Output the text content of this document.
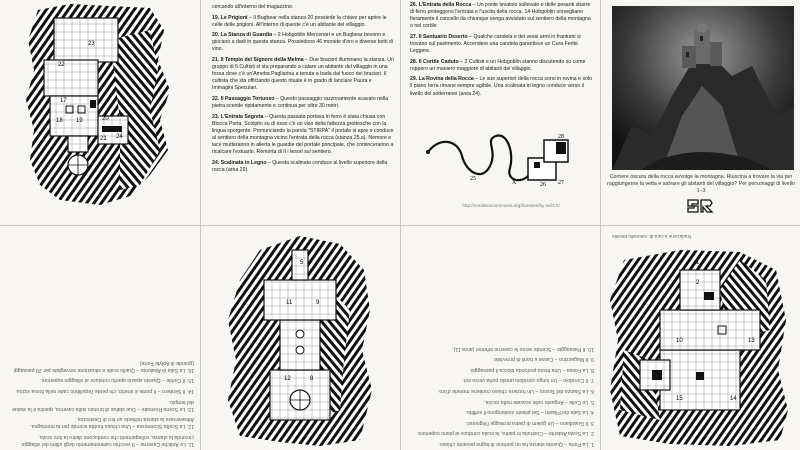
23
22
17
18 19	20
21 24

cercando all'interno del magazzino.

19. Le Prigioni – Il Bugbear nella stanza 20 possiede la chiave per aprire le celle delle prigioni. All'interno di queste c'è un abitante del villaggio.

20. La Stanza di Guardia – 2 Hobgoblin Mercenari e un Bugbear bevono e giocano a dadi in questa stanza. Possiedono 46 monete d'oro e diverse botti di vino.

21. Il Tempio del Signore della Melma – Due bracieri illuminano la stanza. Un gruppo di 5 Cultisti si sta preparando a calare un abitante del villaggio in una fossa dove c'è un'Ameba Pagliarina a tenuta a bada dal fuoco dei bracieri. Il cultista che sta officiando questo rituale è in grado di lanciare Paura e Immagini Speculari.

22. Il Passaggio Tortuoso – Questo passaggio razzonamente scavato nella pietra scende ripidamente e continua per oltre 30 metri.

23. L'Entrata Segreta – Questa passata portava in ferro è stata chiusa con Blocca Porta. Scolpito su di esso c'è un viso della fattezza grottesche con la lingua sporgente. Pronunciando la parola "STIRPA" il portale si apre e conduce al sentiero della montagna vicino l'entrata della rocca (stanza 25.a). Nemore e lace mutteranno in allerta le guardie del portale principale, che cominceranno a ricalcare l'estuario. Remorta di lì i tesori sul sentiero.

24. Scalinata in Legno – Questa scalinata conduce al livello superiore della rocca (area 29).

26. L'Entrata della Rocca – Un ponte levatoio sollevato e delle pesanti sbarre di ferro proteggono l'entrata e l'uscita della rocca. 14 Hobgoblin sorvegliano fieramente il cancello da chiunque venga avvistato sul sentiero della montagna o nel cortile.

27. Il Santuario Deserto – Qualche candela e dei vessi armi in frantumi si trovano sul pavimento. Accendere una candela garantisce un Cura Ferite Leggere.

28. Il Cortile Caduto – 2 Cultisti e un Hobgoblin stanno discutendo su come ruppero un maniero maggiore di abitanti del villaggio.

29. La Rovina della Rocca – Le sue superiori della rocca sono in rovina e solo il piano terra rimane sempre agibile. Una scalinata in legno conduce verso il livello dei sotterranei (area 24).

25
X	26 27
28
http://creditsoncommons.org/licenses/by-sa/3.0/
Corriere oscura della rocca avvolge la montagna. Riuscirai a trovare la via per raggiungerne la vetta e salvare gli abitanti del villaggio? Per personaggi di livello 1–3

11. Le Antiche Caverne – Il vecchio camminamento degli ultimi del villaggio circonda la stanza, collegamenti che conducono dietro la loro scala.

12. La Scelta Sconnessa – Una chiusa fredda scende per la montagna. Attraversare la stanza richiede un tiro di Destrezza.

13. Le Scene Rovinate – Due statue di bronzo sulla caverna, questa è la statue del tempio.

14. Il Sentiero – Il ponte è stretto; chi perde l'equilibrio cade nella fossa vicina.

15. Il Cortile – Questo spazio aperto conduce al villaggio superiore.

16. La Sala di Abalonia – Quello scale e situazione sorveglate per 20 passaggi (grande di Aplyte Forte).

9
11
5
8
12

1. La Porta – Questa stanza ha un portone di legno pesante chiuso.

2. La Scala Ardente – Costruita in pietra, la scala conduce al piano superiore.

3. Il Guardiano – Un golem di pietra protegge l'ingresso.

4. La Sala dei Pilastri – Sei pilastri sostengono il soffitto.

5. Le Celle – Anguste celle scavate nella roccia.

6. La Stanza del Tesoro – Un forziere chiuso contiene monete d'oro.

7. Il Corridoio – Un lungo corridoio umido porta verso est.

8. La Fossa – Una fossa profonda blocca il passaggio.

9. Il Magazzino – Casse e barili di provviste.

10. Il Passaggio – Scende verso le caverne inferiori (area 11).

Traduzione a cura di: Antonello Morello
14
15
13
10
2
1
